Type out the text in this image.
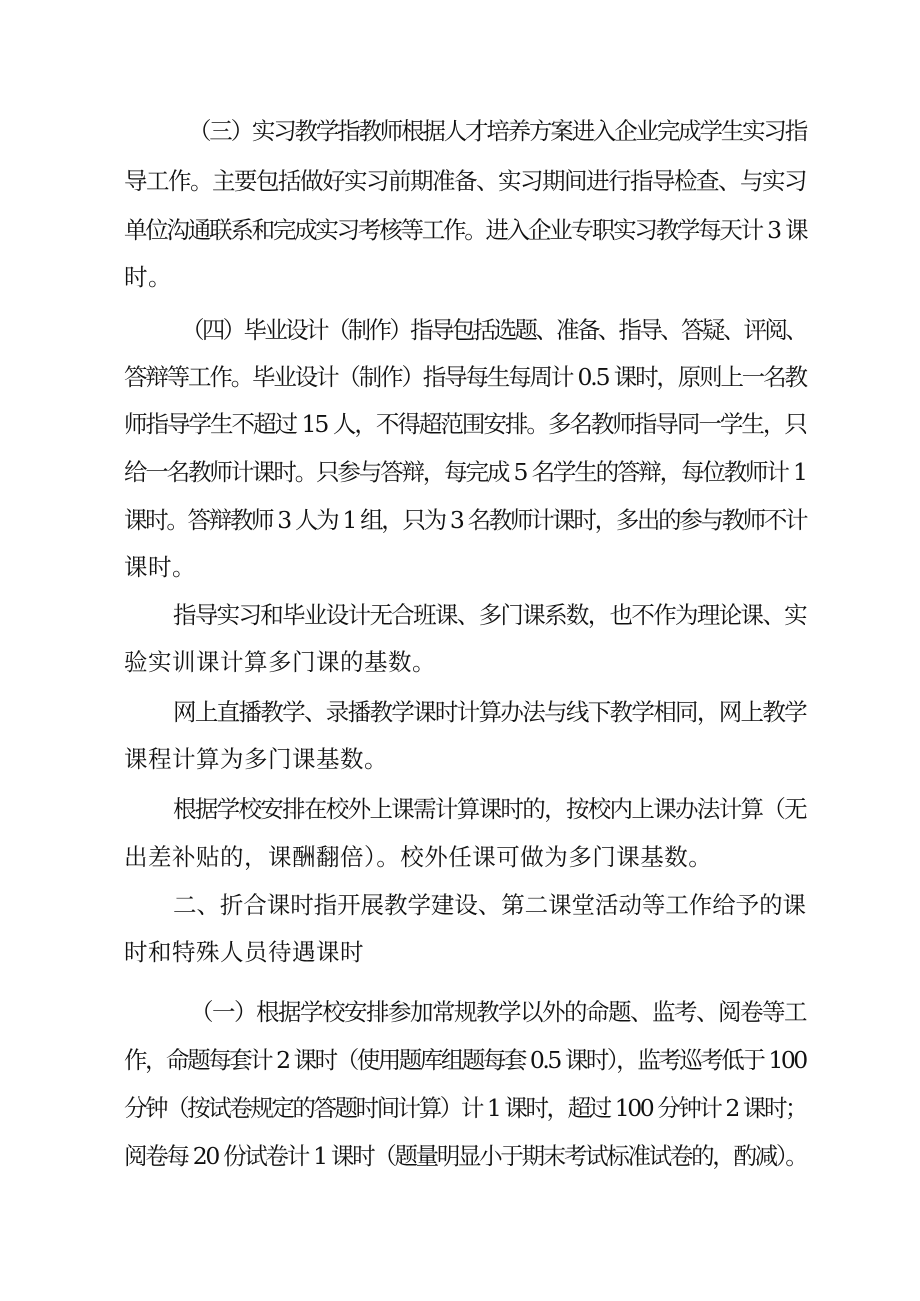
（三）实习教学指教师根据人才培养方案进入企业完成学生实习指
导工作。主要包括做好实习前期准备、实习期间进行指导检查、与实习
单位沟通联系和完成实习考核等工作。进入企业专职实习教学每天计 3 课
时。
（四）毕业设计（制作）指导包括选题、准备、指导、答疑、评阅、
答辩等工作。毕业设计（制作）指导每生每周计 0.5 课时，原则上一名教
师指导学生不超过 15 人，不得超范围安排。多名教师指导同一学生，只
给一名教师计课时。只参与答辩，每完成 5 名学生的答辩，每位教师计 1
课时。答辩教师 3 人为 1 组，只为 3 名教师计课时，多出的参与教师不计
课时。
指导实习和毕业设计无合班课、多门课系数，也不作为理论课、实
验实训课计算多门课的基数。
网上直播教学、录播教学课时计算办法与线下教学相同，网上教学
课程计算为多门课基数。
根据学校安排在校外上课需计算课时的，按校内上课办法计算（无
出差补贴的，课酬翻倍）。校外任课可做为多门课基数。
二、折合课时指开展教学建设、第二课堂活动等工作给予的课
时和特殊人员待遇课时
（一）根据学校安排参加常规教学以外的命题、监考、阅卷等工
作，命题每套计 2 课时（使用题库组题每套 0.5 课时），监考巡考低于 100
分钟（按试卷规定的答题时间计算）计 1 课时，超过 100 分钟计 2 课时；
阅卷每 20 份试卷计 1 课时（题量明显小于期末考试标准试卷的，酌减）。
